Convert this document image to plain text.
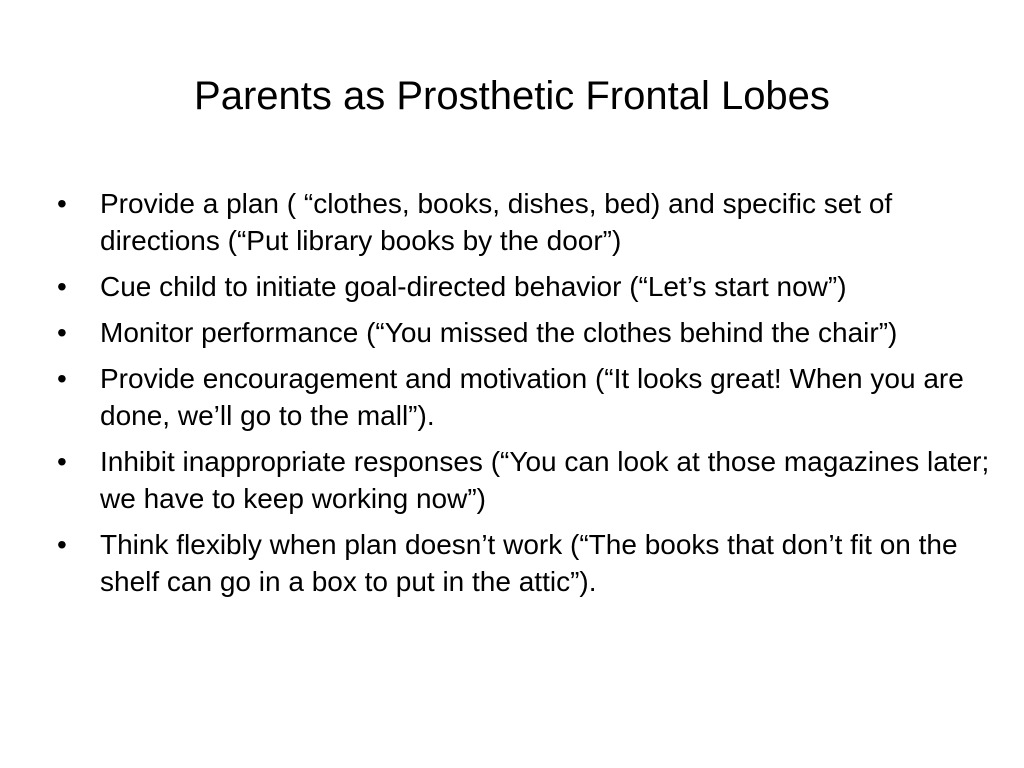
Parents as Prosthetic Frontal Lobes
•	Provide a plan ( “clothes, books, dishes, bed) and specific set of directions (“Put library books by the door”)
•	Cue child to initiate goal-directed behavior (“Let’s start now”)
•	Monitor performance (“You missed the clothes behind the chair”)
•	Provide encouragement and motivation (“It looks great! When you are done, we’ll go to the mall”).
•	Inhibit inappropriate responses (“You can look at those magazines later; we have to keep working now”)
•	Think flexibly when plan doesn’t work (“The books that don’t fit on the shelf can go in a box to put in the attic”).
